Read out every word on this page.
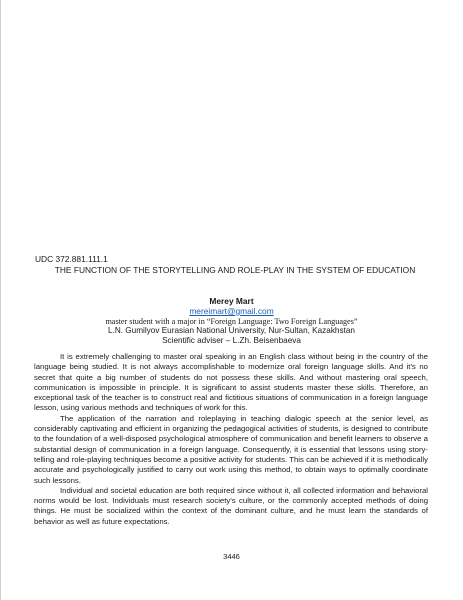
UDC 372.881.111.1
THE FUNCTION OF THE STORYTELLING AND ROLE-PLAY IN THE SYSTEM OF EDUCATION
Merey Mart
mereimart@gmail.com
master student with a major in “Foreign Language: Two Foreign Languages”
L.N. Gumilyov Eurasian National University, Nur-Sultan, Kazakhstan
Scientific adviser – L.Zh. Beisenbaeva

It is extremely challenging to master oral speaking in an English class without being in the country of the language being studied. It is not always accomplishable to modernize oral foreign language skills. And it's no secret that quite a big number of students do not possess these skills. And without mastering oral speech, communication is impossible in principle. It is significant to assist students master these skills. Therefore, an exceptional task of the teacher is to construct real and fictitious situations of communication in a foreign language lesson, using various methods and techniques of work for this.

The application of the narration and roleplaying in teaching dialogic speech at the senior level, as considerably captivating and efficient in organizing the pedagogical activities of students, is designed to contribute to the foundation of a well-disposed psychological atmosphere of communication and benefit learners to observe a substantial design of communication in a foreign language. Consequently, it is essential that lessons using story-telling and role-playing techniques become a positive activity for students. This can be achieved if it is methodically accurate and psychologically justified to carry out work using this method, to obtain ways to optimally coordinate such lessons.

Individual and societal education are both required since without it, all collected information and behavioral norms would be lost. Individuals must research society's culture, or the commonly accepted methods of doing things. He must be socialized within the context of the dominant culture, and he must learn the standards of behavior as well as future expectations.

3446
